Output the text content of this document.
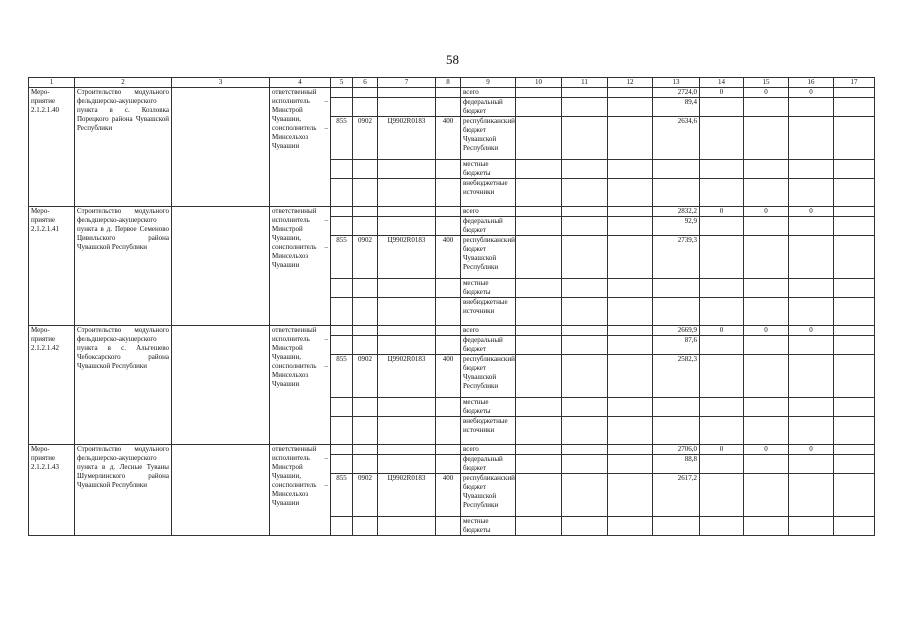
58
1	2	3	4	5	6	7	8	9	10	11	12	13	14	15	16	17
Меро-приятие 2.1.2.1.40	Строительство модульного фельдшерско-акушерского пункта в с. Козловка Порецкого района Чувашской Республики		ответственный исполнитель – Минстрой Чувашии, соисполнитель – Минсельхоз Чувашии					всего				2724,0	0	0	0	
								федеральный бюджет				89,4				
				855	0902	Ц9902R0183	400	республиканский бюджет Чувашской Республики				2634,6				
								местные бюджеты								
								внебюджетные источники								
Меро-приятие 2.1.2.1.41	Строительство модульного фельдшерско-акушерского пункта в д. Первое Семеново Цивильского района Чувашской Республики		ответственный исполнитель – Минстрой Чувашии, соисполнитель – Минсельхоз Чувашии					всего				2832,2	0	0	0	
								федеральный бюджет				92,9				
				855	0902	Ц9902R0183	400	республиканский бюджет Чувашской Республики				2739,3				
								местные бюджеты								
								внебюджетные источники								
Меро-приятие 2.1.2.1.42	Строительство модульного фельдшерско-акушерского пункта в с. Альгешево Чебоксарского района Чувашской Республики		ответственный исполнитель – Минстрой Чувашии, соисполнитель – Минсельхоз Чувашии					всего				2669,9	0	0	0	
								федеральный бюджет				87,6				
				855	0902	Ц9902R0183	400	республиканский бюджет Чувашской Республики				2582,3				
								местные бюджеты								
								внебюджетные источники								
Меро-приятие 2.1.2.1.43	Строительство модульного фельдшерско-акушерского пункта в д. Лесные Туваны Шумерлинского района Чувашской Республики		ответственный исполнитель – Минстрой Чувашии, соисполнитель – Минсельхоз Чувашии					всего				2706,0	0	0	0	
								федеральный бюджет				88,8				
				855	0902	Ц9902R0183	400	республиканский бюджет Чувашской Республики				2617,2				
								местные бюджеты								
